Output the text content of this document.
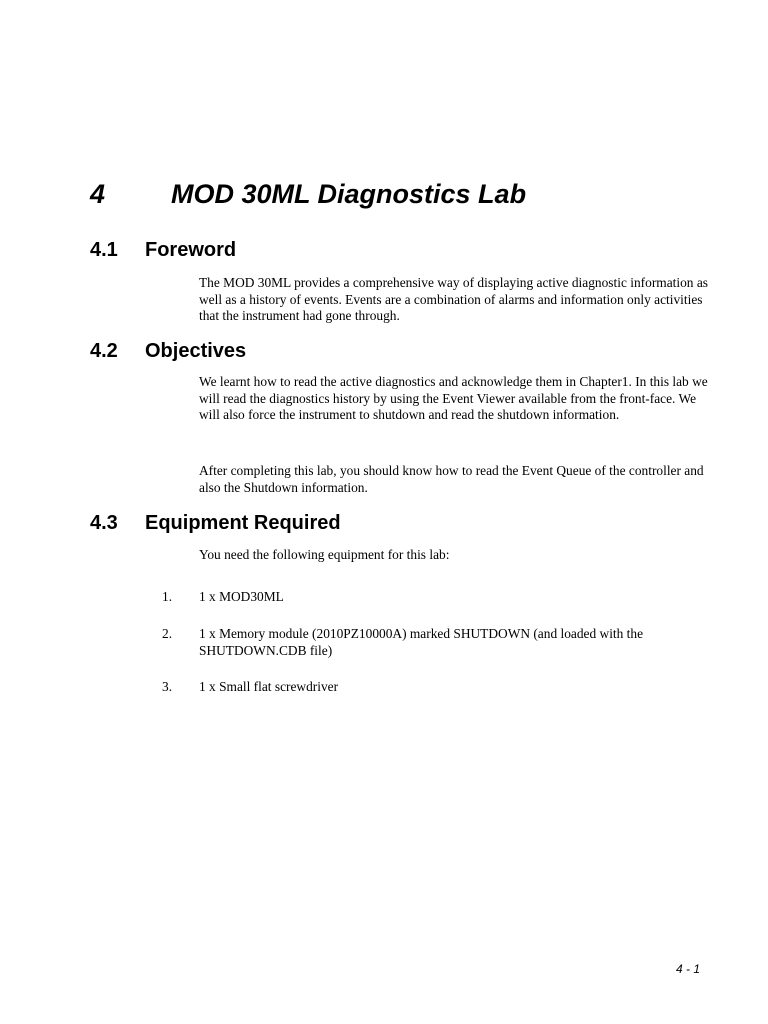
4 MOD 30ML Diagnostics Lab
4.1 Foreword

The MOD 30ML provides a comprehensive way of displaying active diagnostic information as well as a history of events. Events are a combination of alarms and information only activities that the instrument had gone through.

4.2 Objectives

We learnt how to read the active diagnostics and acknowledge them in Chapter1. In this lab we will read the diagnostics history by using the Event Viewer available from the front-face. We will also force the instrument to shutdown and read the shutdown information.

After completing this lab, you should know how to read the Event Queue of the controller and also the Shutdown information.

4.3 Equipment Required

You need the following equipment for this lab:

1. 1 x MOD30ML
2. 1 x Memory module (2010PZ10000A) marked SHUTDOWN (and loaded with the SHUTDOWN.CDB file)
3. 1 x Small flat screwdriver
4 - 1
